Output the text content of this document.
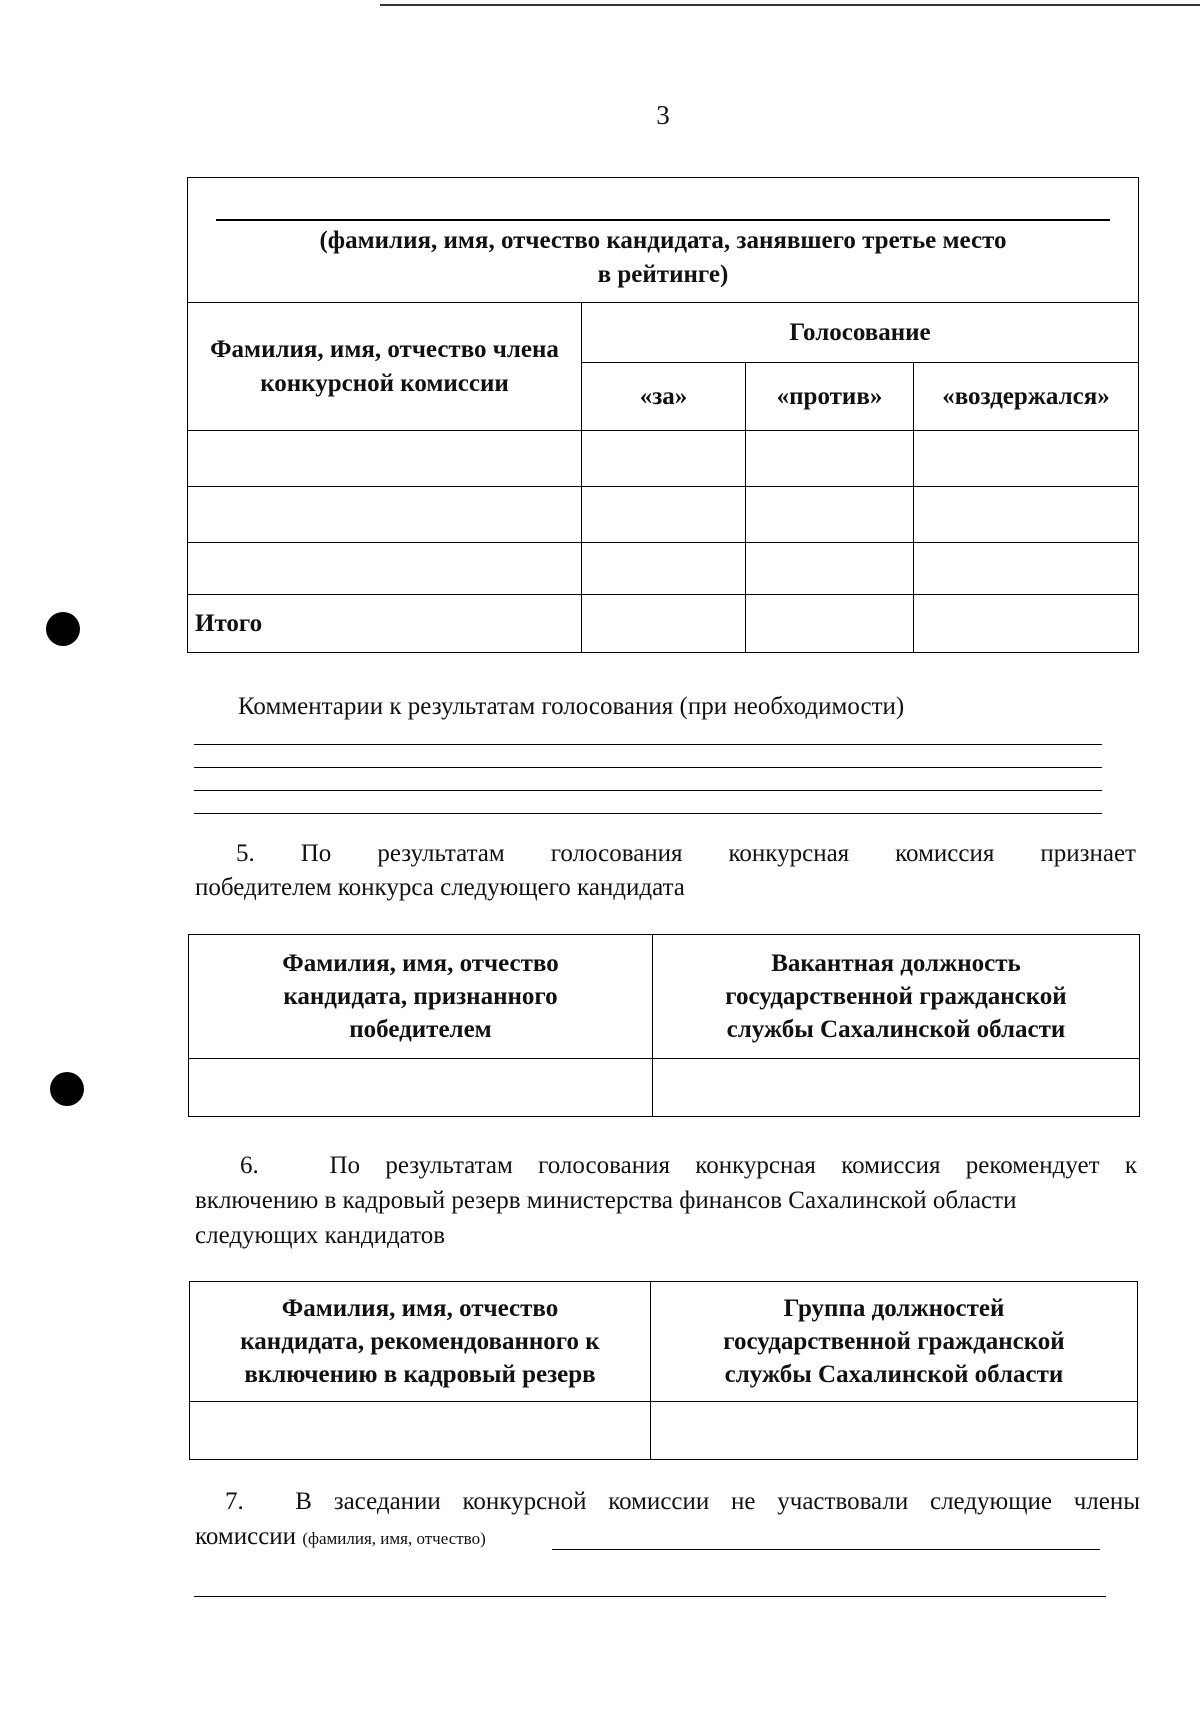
3
(фамилия, имя, отчество кандидата, занявшего третье место
в рейтинге)			

Фамилия, имя, отчество члена конкурсной комиссии	Голосование		
	«за»	«против»	«воздержался»

Итого			
Комментарии к результатам голосования (при необходимости)
5. По результатам голосования конкурсная комиссия признает
победителем конкурса следующего кандидата
Фамилия, имя, отчество кандидата, признанного победителем	Вакантная должность государственной гражданской службы Сахалинской области

6.	По результатам голосования конкурсная комиссия рекомендует к
включению в кадровый резерв министерства финансов Сахалинской области
следующих кандидатов
Фамилия, имя, отчество кандидата, рекомендованного к включению в кадровый резерв	Группа должностей государственной гражданской службы Сахалинской области

7. В заседании конкурсной комиссии не участвовали следующие члены
комиссии (фамилия, имя, отчество)
